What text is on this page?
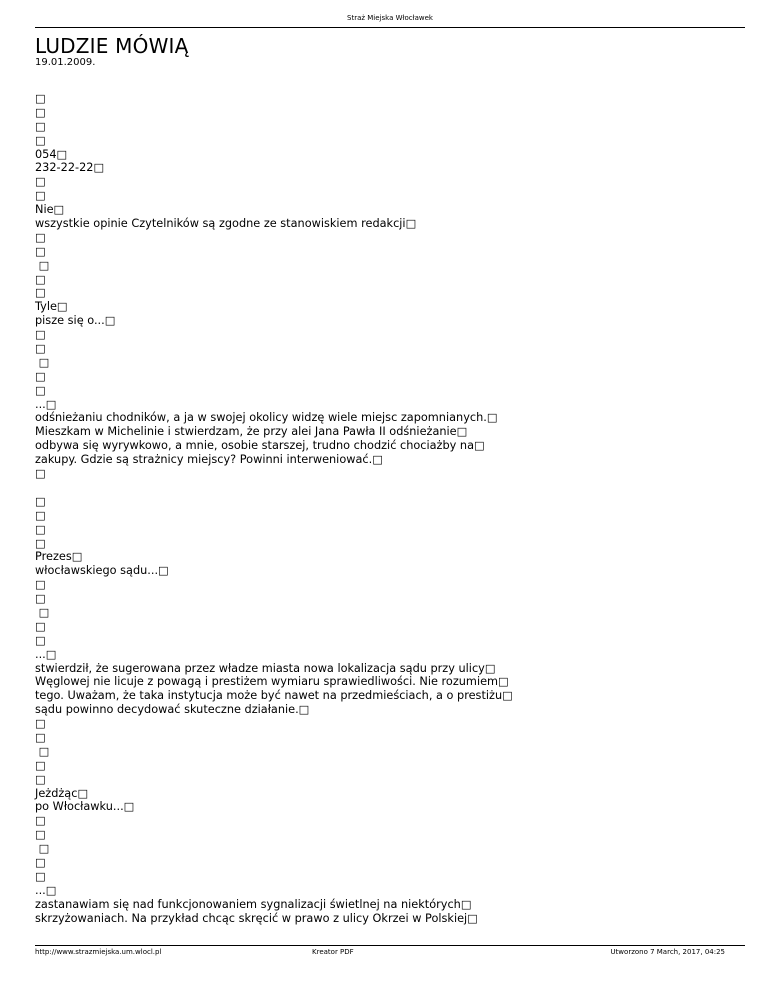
Straż Miejska Włocławek
LUDZIE MÓWIĄ
19.01.2009.
□
□
□
□
054□
232-22-22□
□
□
Nie□
wszystkie opinie Czytelników są zgodne ze stanowiskiem redakcji□
□
□
□
□
□
Tyle□
pisze się o...□
□
□
□
□
□
...□
odśnieżaniu chodników, a ja w swojej okolicy widzę wiele miejsc zapomnianych.□
Mieszkam w Michelinie i stwierdzam, że przy alei Jana Pawła II odśnieżanie□
odbywa się wyrywkowo, a mnie, osobie starszej, trudno chodzić chociażby na□
zakupy. Gdzie są strażnicy miejscy? Powinni interweniować.□
□
□
□
□
□
Prezes□
włocławskiego sądu...□
□
□
□
□
□
...□
stwierdził, że sugerowana przez władze miasta nowa lokalizacja sądu przy ulicy□
Węglowej nie licuje z powagą i prestiżem wymiaru sprawiedliwości. Nie rozumiem□
tego. Uważam, że taka instytucja może być nawet na przedmieściach, a o prestiżu□
sądu powinno decydować skuteczne działanie.□
□
□
□
□
□
Jeżdżąc□
po Włocławku...□
□
□
□
□
□
...□
zastanawiam się nad funkcjonowaniem sygnalizacji świetlnej na niektórych□
skrzyżowaniach. Na przykład chcąc skręcić w prawo z ulicy Okrzei w Polskiej□
http://www.strazmiejska.um.wlocl.pl	Kreator PDF	Utworzono 7 March, 2017, 04:25
